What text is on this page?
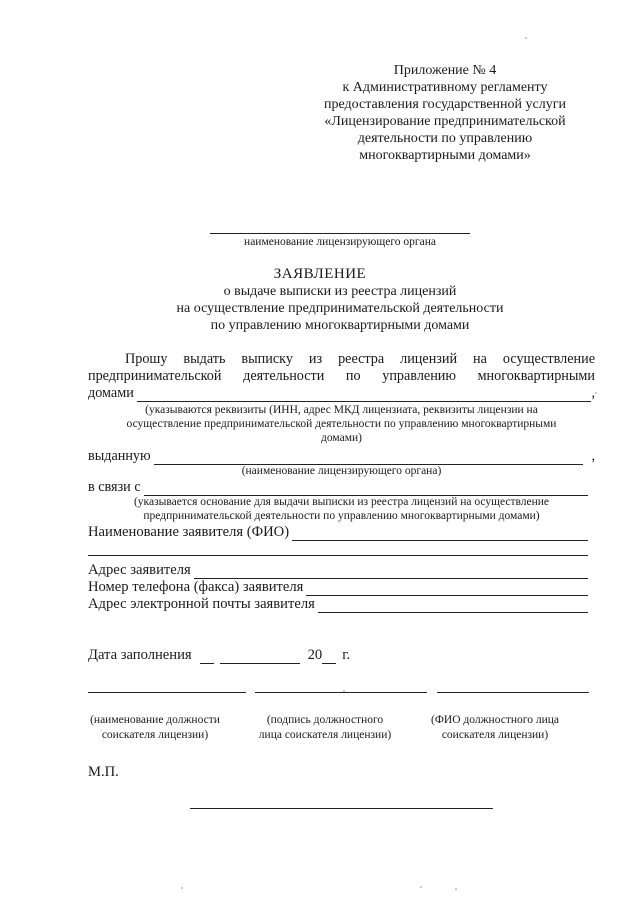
Приложение № 4
к Административному регламенту
предоставления государственной услуги
«Лицензирование предпринимательской
деятельности по управлению
многоквартирными домами»
наименование лицензирующего органа
ЗАЯВЛЕНИЕ
о выдаче выписки из реестра лицензий
на осуществление предпринимательской деятельности
по управлению многоквартирными домами
Прошу выдать выписку из реестра лицензий на осуществление
предпринимательской деятельности по управлению многоквартирными
домами	,
(указываются реквизиты (ИНН, адрес МКД лицензиата, реквизиты лицензии на
осуществление предпринимательской деятельности по управлению многоквартирными
домами)
выданную	,
(наименование лицензирующего органа)
в связи с
(указывается основание для выдачи выписки из реестра лицензий на осуществление
предпринимательской деятельности по управлению многоквартирными домами)
Наименование заявителя (ФИО)
Адрес заявителя
Номер телефона (факса) заявителя
Адрес электронной почты заявителя
Дата заполнения	20 г.
(наименование должности
соискателя лицензии)
(подпись должностного
лица соискателя лицензии)
(ФИО должностного лица
соискателя лицензии)
М.П.
